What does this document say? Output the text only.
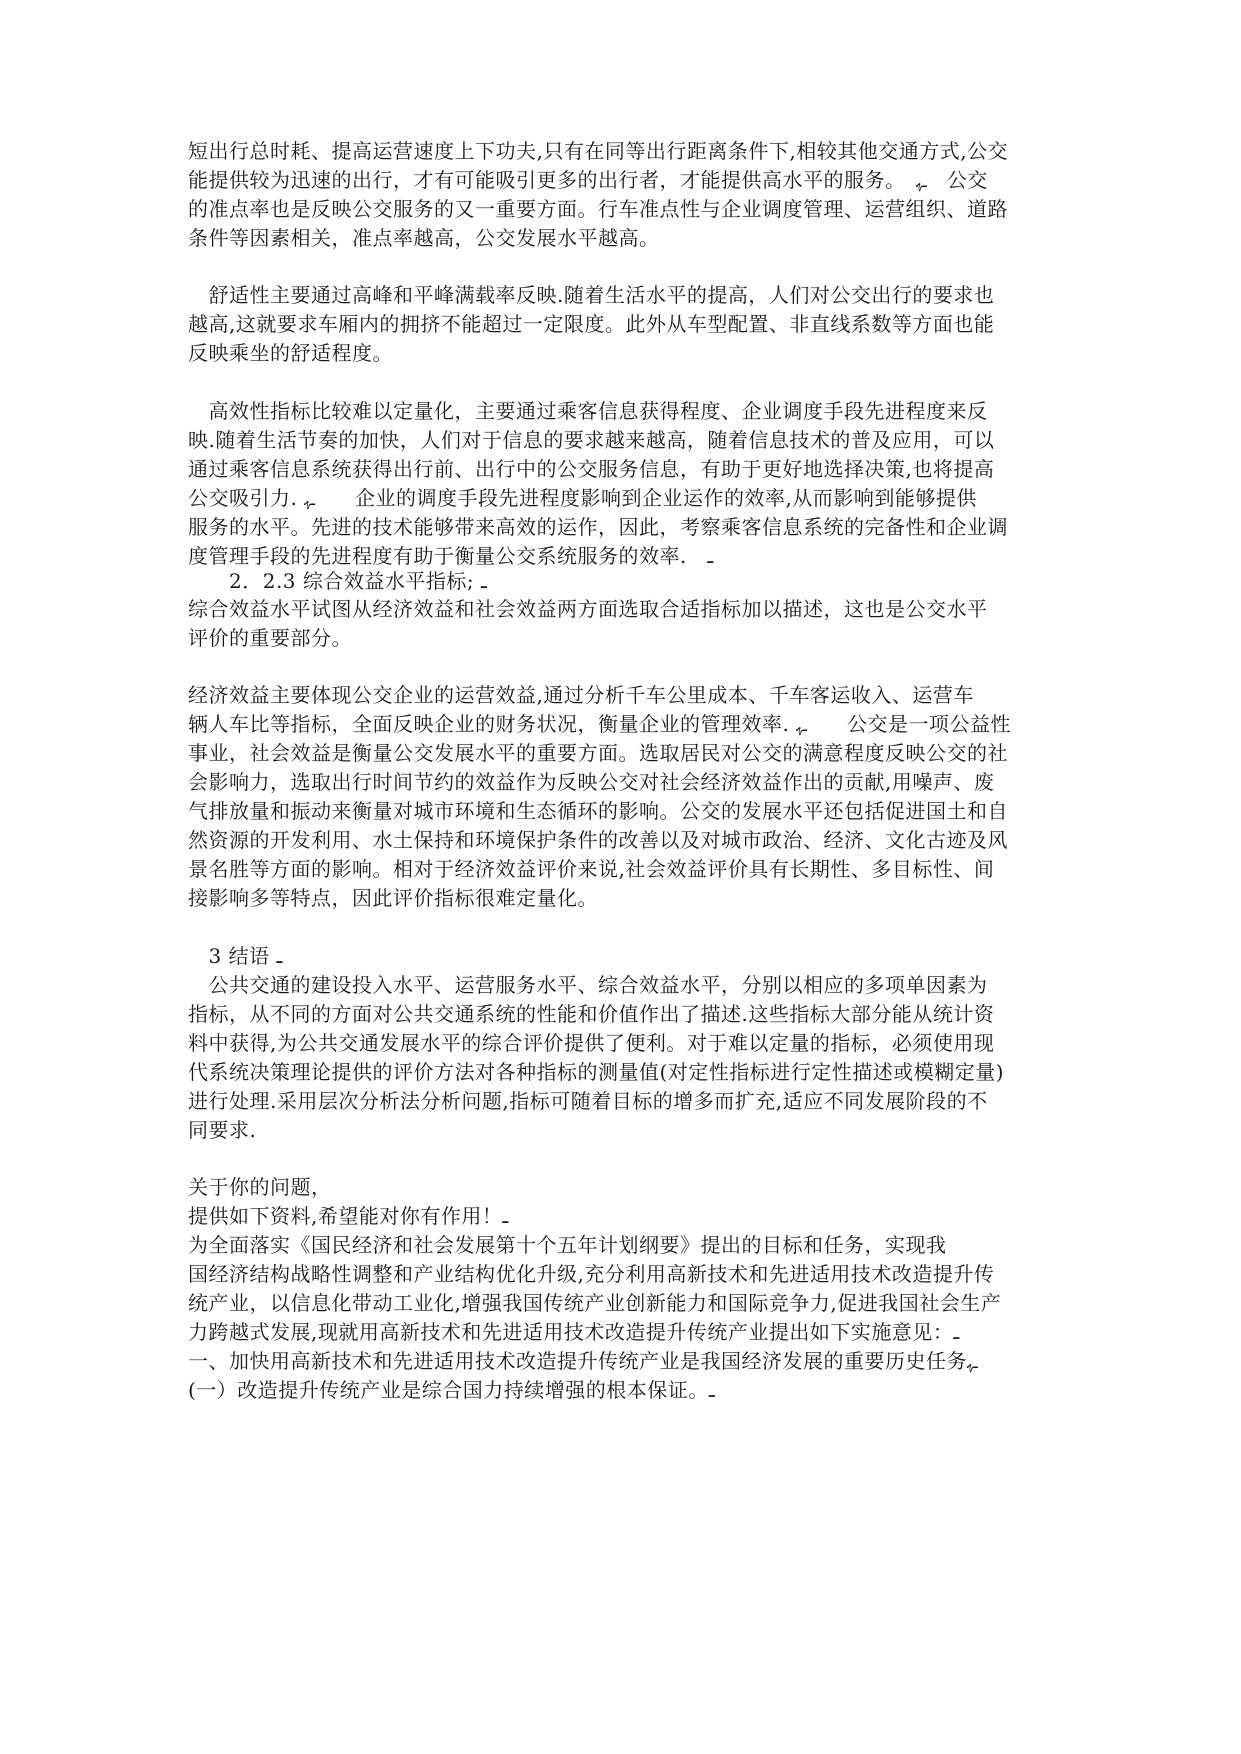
短出行总时耗、提高运营速度上下功夫,只有在同等出行距离条件下,相较其他交通方式,公交
能提供较为迅速的出行，才有可能吸引更多的出行者，才能提供高水平的服务。　ـﮩ　公交
的准点率也是反映公交服务的又一重要方面。行车准点性与企业调度管理、运营组织、道路
条件等因素相关，准点率越高，公交发展水平越高。
　舒适性主要通过高峰和平峰满载率反映.随着生活水平的提高，人们对公交出行的要求也
越高,这就要求车厢内的拥挤不能超过一定限度。此外从车型配置、非直线系数等方面也能
反映乘坐的舒适程度。
　高效性指标比较难以定量化，主要通过乘客信息获得程度、企业调度手段先进程度来反
映.随着生活节奏的加快，人们对于信息的要求越来越高，随着信息技术的普及应用，可以
通过乘客信息系统获得出行前、出行中的公交服务信息，有助于更好地选择决策,也将提高
公交吸引力. ـﮩ　　企业的调度手段先进程度影响到企业运作的效率,从而影响到能够提供
服务的水平。先进的技术能够带来高效的运作，因此，考察乘客信息系统的完备性和企业调
度管理手段的先进程度有助于衡量公交系统服务的效率.　ـ
　　2．2.3 综合效益水平指标; ـ
综合效益水平试图从经济效益和社会效益两方面选取合适指标加以描述，这也是公交水平
评价的重要部分。
经济效益主要体现公交企业的运营效益,通过分析千车公里成本、千车客运收入、运营车
辆人车比等指标，全面反映企业的财务状况，衡量企业的管理效率. ـﮩ　　公交是一项公益性
事业，社会效益是衡量公交发展水平的重要方面。选取居民对公交的满意程度反映公交的社
会影响力，选取出行时间节约的效益作为反映公交对社会经济效益作出的贡献,用噪声、废
气排放量和振动来衡量对城市环境和生态循环的影响。公交的发展水平还包括促进国土和自
然资源的开发利用、水土保持和环境保护条件的改善以及对城市政治、经济、文化古迹及风
景名胜等方面的影响。相对于经济效益评价来说,社会效益评价具有长期性、多目标性、间
接影响多等特点，因此评价指标很难定量化。
　3 结语 ـ
　公共交通的建设投入水平、运营服务水平、综合效益水平，分别以相应的多项单因素为
指标，从不同的方面对公共交通系统的性能和价值作出了描述.这些指标大部分能从统计资
料中获得,为公共交通发展水平的综合评价提供了便利。对于难以定量的指标，必须使用现
代系统决策理论提供的评价方法对各种指标的测量值(对定性指标进行定性描述或模糊定量)
进行处理.采用层次分析法分析问题,指标可随着目标的增多而扩充,适应不同发展阶段的不
同要求.
关于你的问题，
提供如下资料,希望能对你有作用！ـ
为全面落实《国民经济和社会发展第十个五年计划纲要》提出的目标和任务，实现我
国经济结构战略性调整和产业结构优化升级,充分利用高新技术和先进适用技术改造提升传
统产业，以信息化带动工业化,增强我国传统产业创新能力和国际竞争力,促进我国社会生产
力跨越式发展,现就用高新技术和先进适用技术改造提升传统产业提出如下实施意见：ـ
一、加快用高新技术和先进适用技术改造提升传统产业是我国经济发展的重要历史任务ـﮩ
(一）改造提升传统产业是综合国力持续增强的根本保证。ـ
